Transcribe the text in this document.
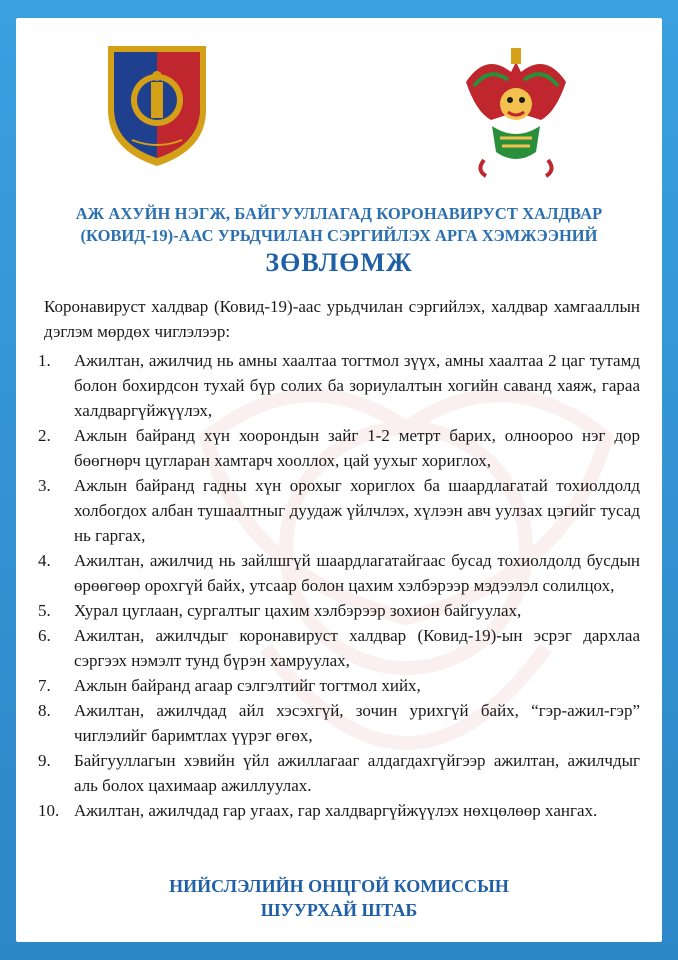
АЖ АХУЙН НЭГЖ, БАЙГУУЛЛАГАД КОРОНАВИРУСТ ХАЛДВАР
(КОВИД-19)-ААС УРЬДЧИЛАН СЭРГИЙЛЭХ АРГА ХЭМЖЭЭНИЙ
ЗӨВЛӨМЖ
Коронавируст халдвар (Ковид-19)-аас урьдчилан сэргийлэх, халдвар хамгааллын дэглэм мөрдөх чиглэлээр:
1.	Ажилтан, ажилчид нь амны хаалтаа тогтмол зүүх, амны хаалтаа 2 цаг тутамд болон бохирдсон тухай бүр солих ба зориулалтын хогийн саванд хаяж, гараа халдваргүйжүүлэх,
2.	Ажлын байранд хүн хоорондын зайг 1-2 метрт барих, олноороо нэг дор бөөгнөрч цугларан хамтарч хооллох, цай уухыг хориглох,
3.	Ажлын байранд гадны хүн орохыг хориглох ба шаардлагатай тохиолдолд холбогдох албан тушаалтныг дуудаж үйлчлэх, хүлээн авч уулзах цэгийг тусад нь гаргах,
4.	Ажилтан, ажилчид нь зайлшгүй шаардлагатайгаас бусад тохиолдолд бусдын өрөөгөөр орохгүй байх, утсаар болон цахим хэлбэрээр мэдээлэл солилцох,
5.	Хурал цуглаан, сургалтыг цахим хэлбэрээр зохион байгуулах,
6.	Ажилтан, ажилчдыг коронавируст халдвар (Ковид-19)-ын эсрэг дархлаа сэргээх нэмэлт тунд бүрэн хамруулах,
7.	Ажлын байранд агаар сэлгэлтийг тогтмол хийх,
8.	Ажилтан, ажилчдад айл хэсэхгүй, зочин урихгүй байх, “гэр-ажил-гэр” чиглэлийг баримтлах үүрэг өгөх,
9.	Байгууллагын хэвийн үйл ажиллагааг алдагдахгүйгээр ажилтан, ажилчдыг аль болох цахимаар ажиллуулах.
10. Ажилтан, ажилчдад гар угаах, гар халдваргүйжүүлэх нөхцөлөөр хангах.
НИЙСЛЭЛИЙН ОНЦГОЙ КОМИССЫН
ШУУРХАЙ ШТАБ
